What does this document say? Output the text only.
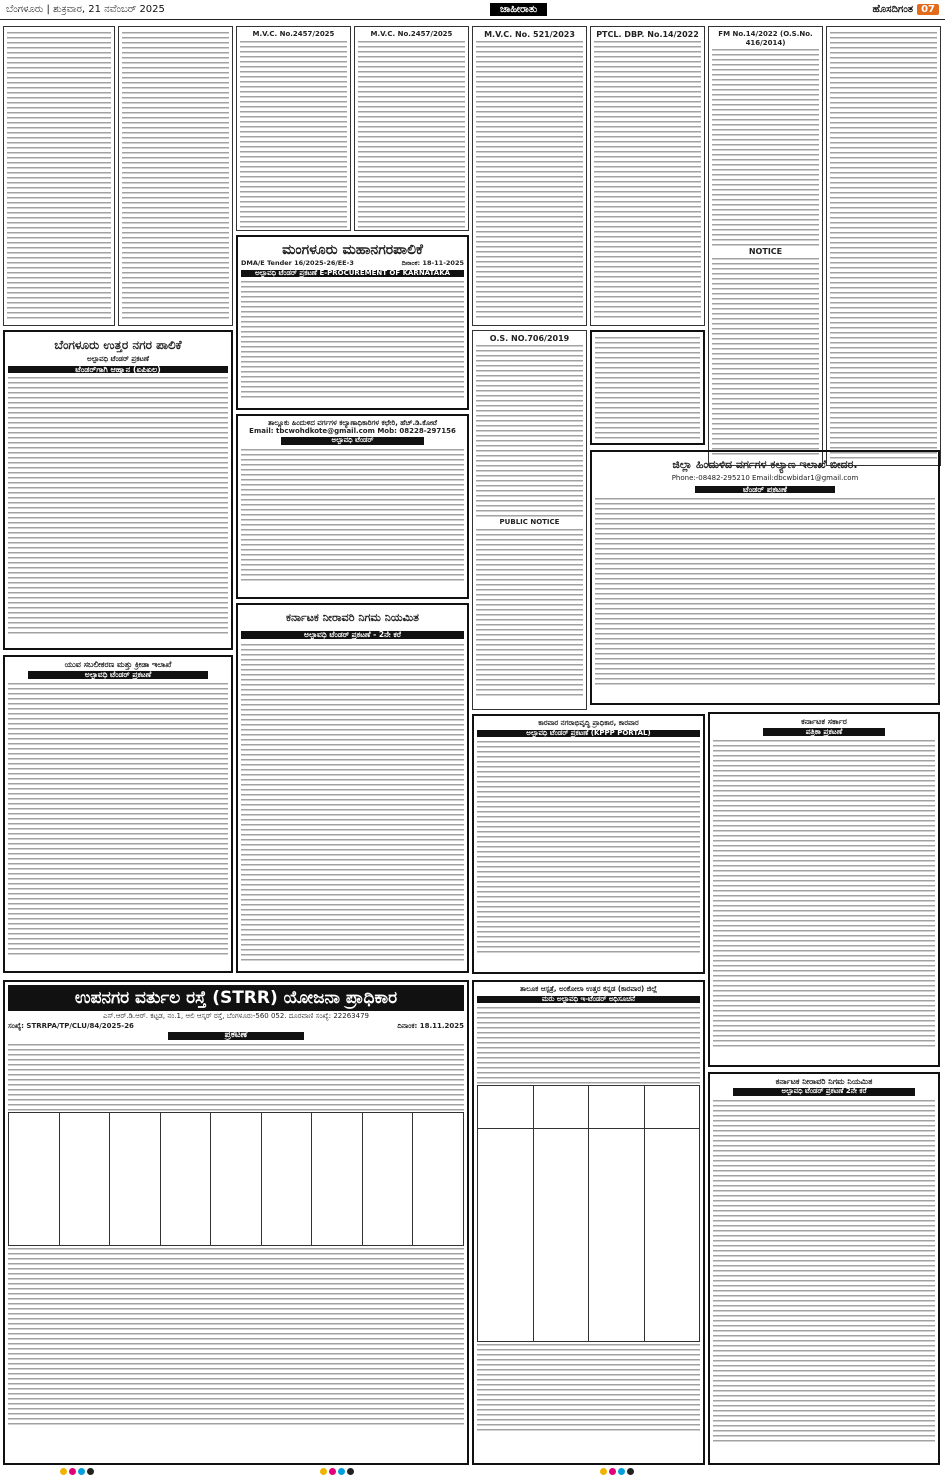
ಬೆಂಗಳೂರು | ಶುಕ್ರವಾರ, 21 ನವೆಂಬರ್ 2025	ಜಾಹೀರಾತು	ಹೊಸದಿಗಂತ 07
M.V.C. No.2457/2025	M.V.C. No.2457/2025	M.V.C. No. 521/2023	PTCL. DBP. No.14/2022	FM No.14/2022 (O.S.No. 416/2014)
NOTICE
ಮಂಗಳೂರು ಮಹಾನಗರಪಾಲಿಕೆ
DMA/E Tender 16/2025-26/EE-3	ದಿನಾಂಕ: 18-11-2025
ಅಲ್ಪಾವಧಿ ಟೆಂಡರ್ ಪ್ರಕಟಣೆ E-PROCUREMENT OF KARNATAKA
ಬೆಂಗಳೂರು ಉತ್ತರ ನಗರ ಪಾಲಿಕೆ
ಅಲ್ಪಾವಧಿ ಟೆಂಡರ್ ಪ್ರಕಟಣೆ
ಟೆಂಡರ್‌ಗಾಗಿ ಆಹ್ವಾನ (ಏಪಿಏಲ)
ತಾಲ್ಲೂಕು ಹಿಂದುಳಿದ ವರ್ಗಗಳ ಕಲ್ಯಾಣಾಧಿಕಾರಿಗಳ ಕಛೇರಿ, ಹೆಚ್.ಡಿ.ಕೋಟೆ
Email: tbcwohdkote@gmail.com Mob: 08228-297156
ಅಲ್ಪಾವಧಿ ಟೆಂಡರ್
O.S. NO.706/2019
PUBLIC NOTICE
ಜಿಲ್ಲಾ ಹಿಂದುಳಿದ ವರ್ಗಗಳ ಕಲ್ಯಾಣ ಇಲಾಖೆ ಬೀದರ.
Phone:-08482-295210 Email:dbcwbidar1@gmail.com
ಟೆಂಡರ್ ಪ್ರಕಟಣೆ
ಕರ್ನಾಟಕ ನೀರಾವರಿ ನಿಗಮ ನಿಯಮಿತ
ಅಲ್ಪಾವಧಿ ಟೆಂಡರ್ ಪ್ರಕಟಣೆ - 2ನೇ ಕರೆ
ಯುವ ಸಬಲೀಕರಣ ಮತ್ತು ಕ್ರೀಡಾ ಇಲಾಖೆ
ಅಲ್ಪಾವಧಿ ಟೆಂಡರ್ ಪ್ರಕಟಣೆ
ಕಾರವಾರ ನಗರಾಭಿವೃದ್ಧಿ ಪ್ರಾಧಿಕಾರ, ಕಾರವಾರ
ಅಲ್ಪಾವಧಿ ಟೆಂಡರ್ ಪ್ರಕಟಣೆ (KPPP PORTAL)
ಕರ್ನಾಟಕ ಸರ್ಕಾರ
ಪತ್ರಿಕಾ ಪ್ರಕಟಣೆ
ಉಪನಗರ ವರ್ತುಲ ರಸ್ತೆ (STRR) ಯೋಜನಾ ಪ್ರಾಧಿಕಾರ
ಎಸ್.ಆರ್.ಡಿ.ಆರ್. ಕಟ್ಟಡ, ನಂ.1, ಆಲಿ ಆಸ್ಕರ್ ರಸ್ತೆ, ಬೆಂಗಳೂರು-560 052. ದೂರವಾಣಿ ಸಂಖ್ಯೆ: 22263479
ಸಂಖ್ಯೆ: STRRPA/TP/CLU/84/2025-26	ದಿನಾಂಕ: 18.11.2025
ಪ್ರಕಟಣೆ

ತಾಲೂಕ ಆಸ್ಪತ್ರೆ, ಅಂಕೋಲಾ ಉತ್ತರ ಕನ್ನಡ (ಕಾರವಾರ) ಜಿಲ್ಲೆ
ಮರು ಅಲ್ಪಾವಧಿ ಇ-ಟೆಂಡರ್ ಅಧಿಸೂಚನೆ

ಕರ್ನಾಟಕ ನೀರಾವರಿ ನಿಗಮ ನಿಯಮಿತ
ಅಲ್ಪಾವಧಿ ಟೆಂಡರ್ ಪ್ರಕಟಣೆ 2ನೇ ಕರೆ
